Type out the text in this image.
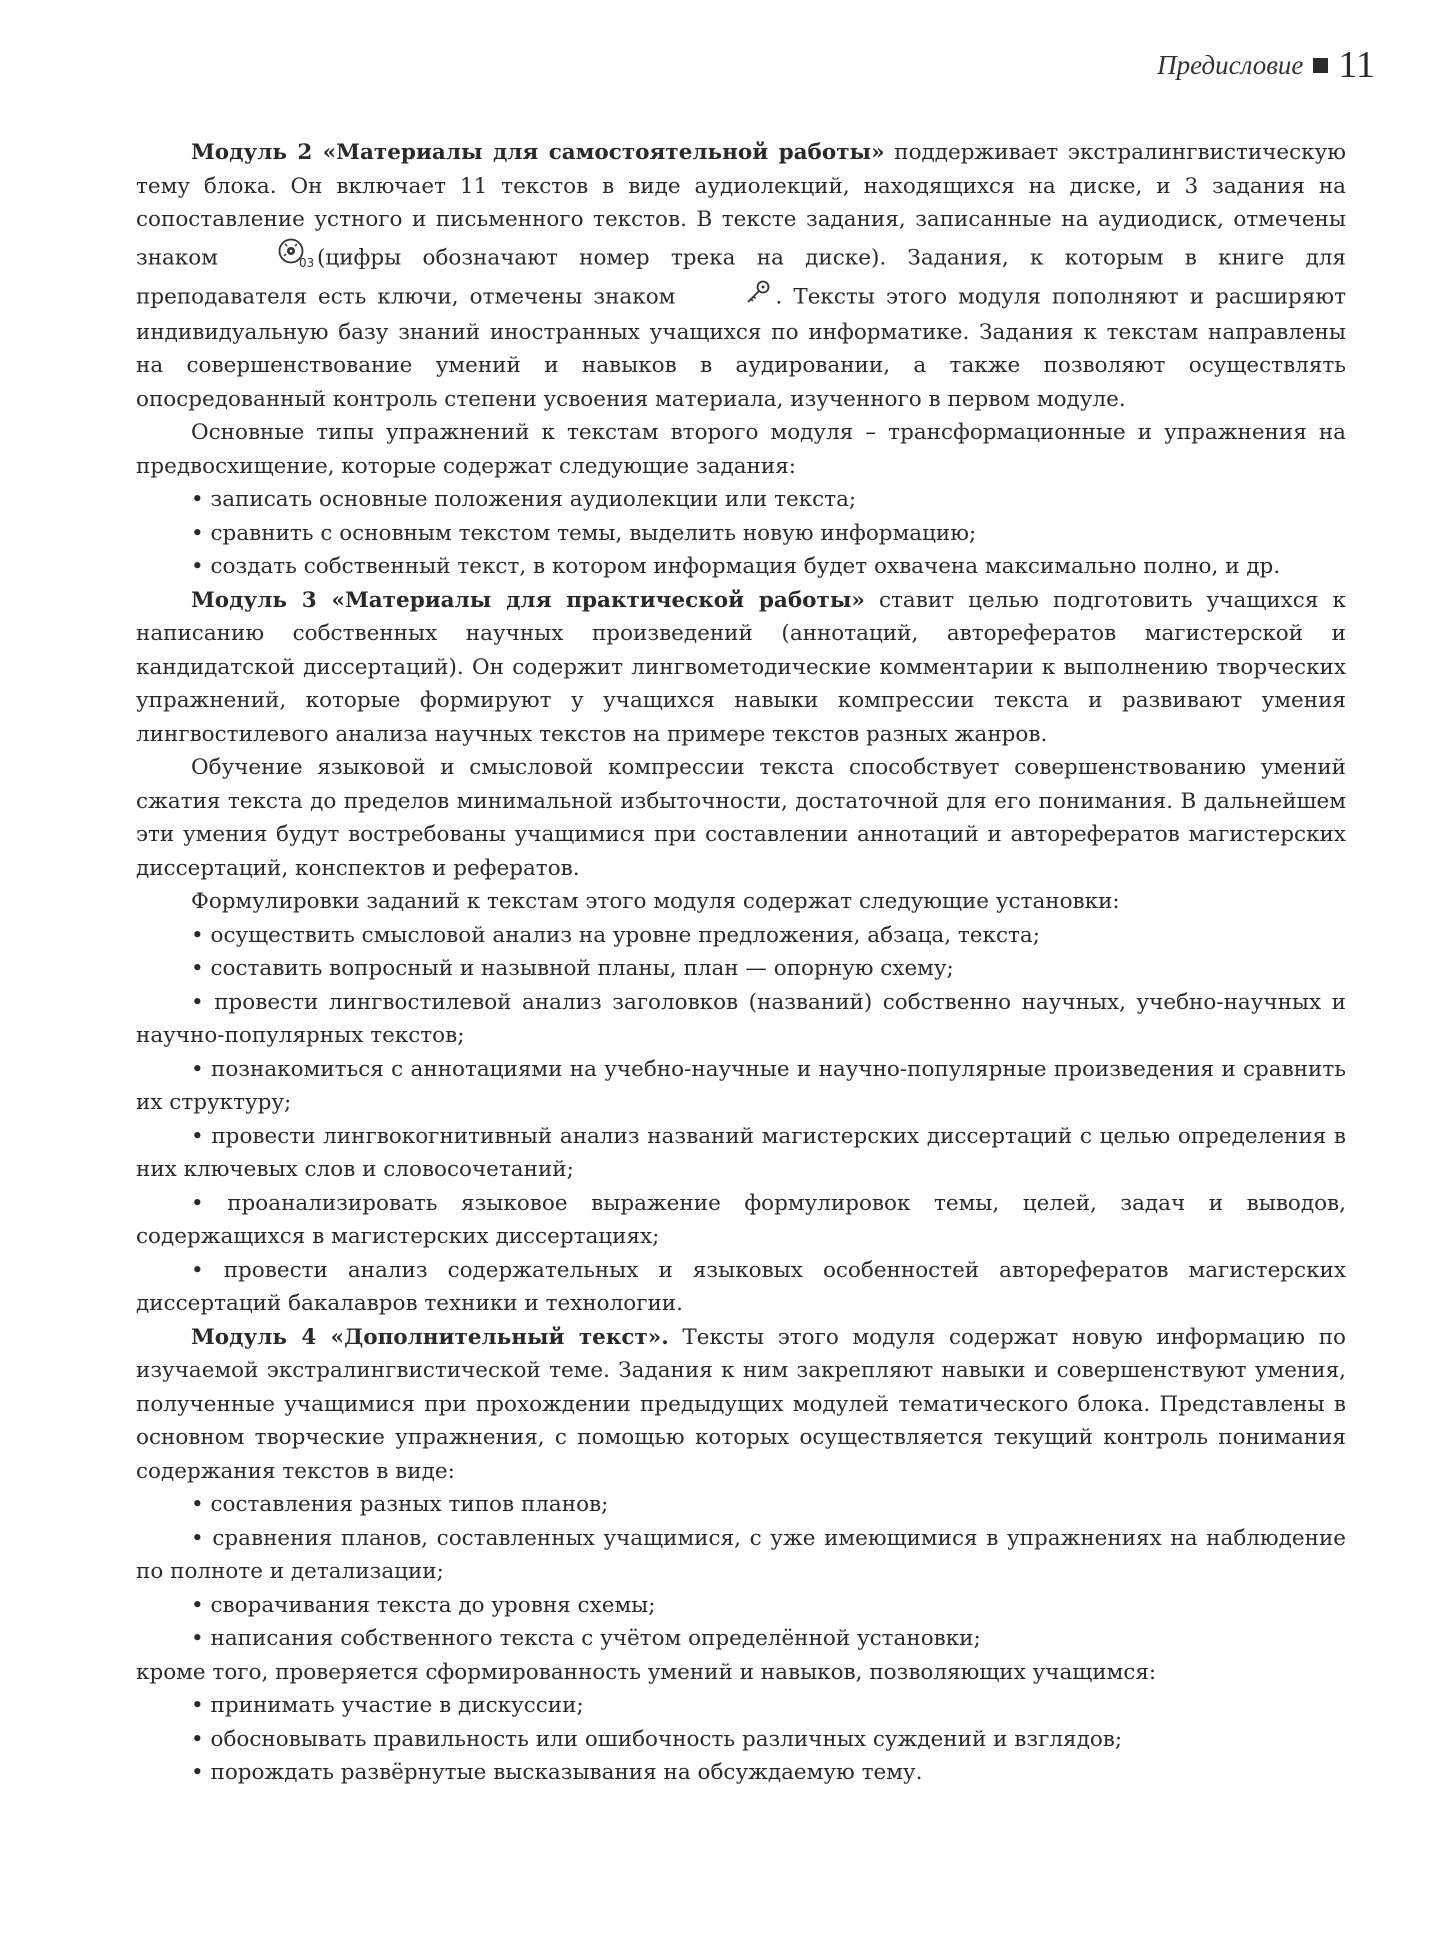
Предисловие 11

Модуль 2 «Материалы для самостоятельной работы» поддерживает экстралингвистическую тему блока. Он включает 11 текстов в виде аудиолекций, находящихся на диске, и 3 задания на сопоставление устного и письменного текстов. В тексте задания, записанные на аудиодиск, отмечены знаком	03 (цифры обозначают номер трека на диске). Задания, к которым в книге для преподавателя есть ключи, отмечены знаком	. Тексты этого модуля пополняют и расширяют индивидуальную базу знаний иностранных учащихся по информатике. Задания к текстам направлены на совершенствование умений и навыков в аудировании, а также позволяют осуществлять опосредованный контроль степени усвоения материала, изученного в первом модуле.

Основные типы упражнений к текстам второго модуля – трансформационные и упражнения на предвосхищение, которые содержат следующие задания:

• записать основные положения аудиолекции или текста;

• сравнить с основным текстом темы, выделить новую информацию;

• создать собственный текст, в котором информация будет охвачена максимально полно, и др.

Модуль 3 «Материалы для практической работы» ставит целью подготовить учащихся к написанию собственных научных произведений (аннотаций, авторефератов магистерской и кандидатской диссертаций). Он содержит лингвометодические комментарии к выполнению творческих упражнений, которые формируют у учащихся навыки компрессии текста и развивают умения лингвостилевого анализа научных текстов на примере текстов разных жанров.

Обучение языковой и смысловой компрессии текста способствует совершенствованию умений сжатия текста до пределов минимальной избыточности, достаточной для его понимания. В дальнейшем эти умения будут востребованы учащимися при составлении аннотаций и авторефератов магистерских диссертаций, конспектов и рефератов.

Формулировки заданий к текстам этого модуля содержат следующие установки:

• осуществить смысловой анализ на уровне предложения, абзаца, текста;

• составить вопросный и назывной планы, план — опорную схему;

• провести лингвостилевой анализ заголовков (названий) собственно научных, учебно-научных и научно-популярных текстов;

• познакомиться с аннотациями на учебно-научные и научно-популярные произведения и сравнить их структуру;

• провести лингвокогнитивный анализ названий магистерских диссертаций с целью определения в них ключевых слов и словосочетаний;

• проанализировать языковое выражение формулировок темы, целей, задач и выводов, содержащихся в магистерских диссертациях;

• провести анализ содержательных и языковых особенностей авторефератов магистерских диссертаций бакалавров техники и технологии.

Модуль 4 «Дополнительный текст». Тексты этого модуля содержат новую информацию по изучаемой экстралингвистической теме. Задания к ним закрепляют навыки и совершенствуют умения, полученные учащимися при прохождении предыдущих модулей тематического блока. Представлены в основном творческие упражнения, с помощью которых осуществляется текущий контроль понимания содержания текстов в виде:

• составления разных типов планов;

• сравнения планов, составленных учащимися, с уже имеющимися в упражнениях на наблюдение по полноте и детализации;

• сворачивания текста до уровня схемы;

• написания собственного текста с учётом определённой установки;

кроме того, проверяется сформированность умений и навыков, позволяющих учащимся:

• принимать участие в дискуссии;

• обосновывать правильность или ошибочность различных суждений и взглядов;

• порождать развёрнутые высказывания на обсуждаемую тему.
